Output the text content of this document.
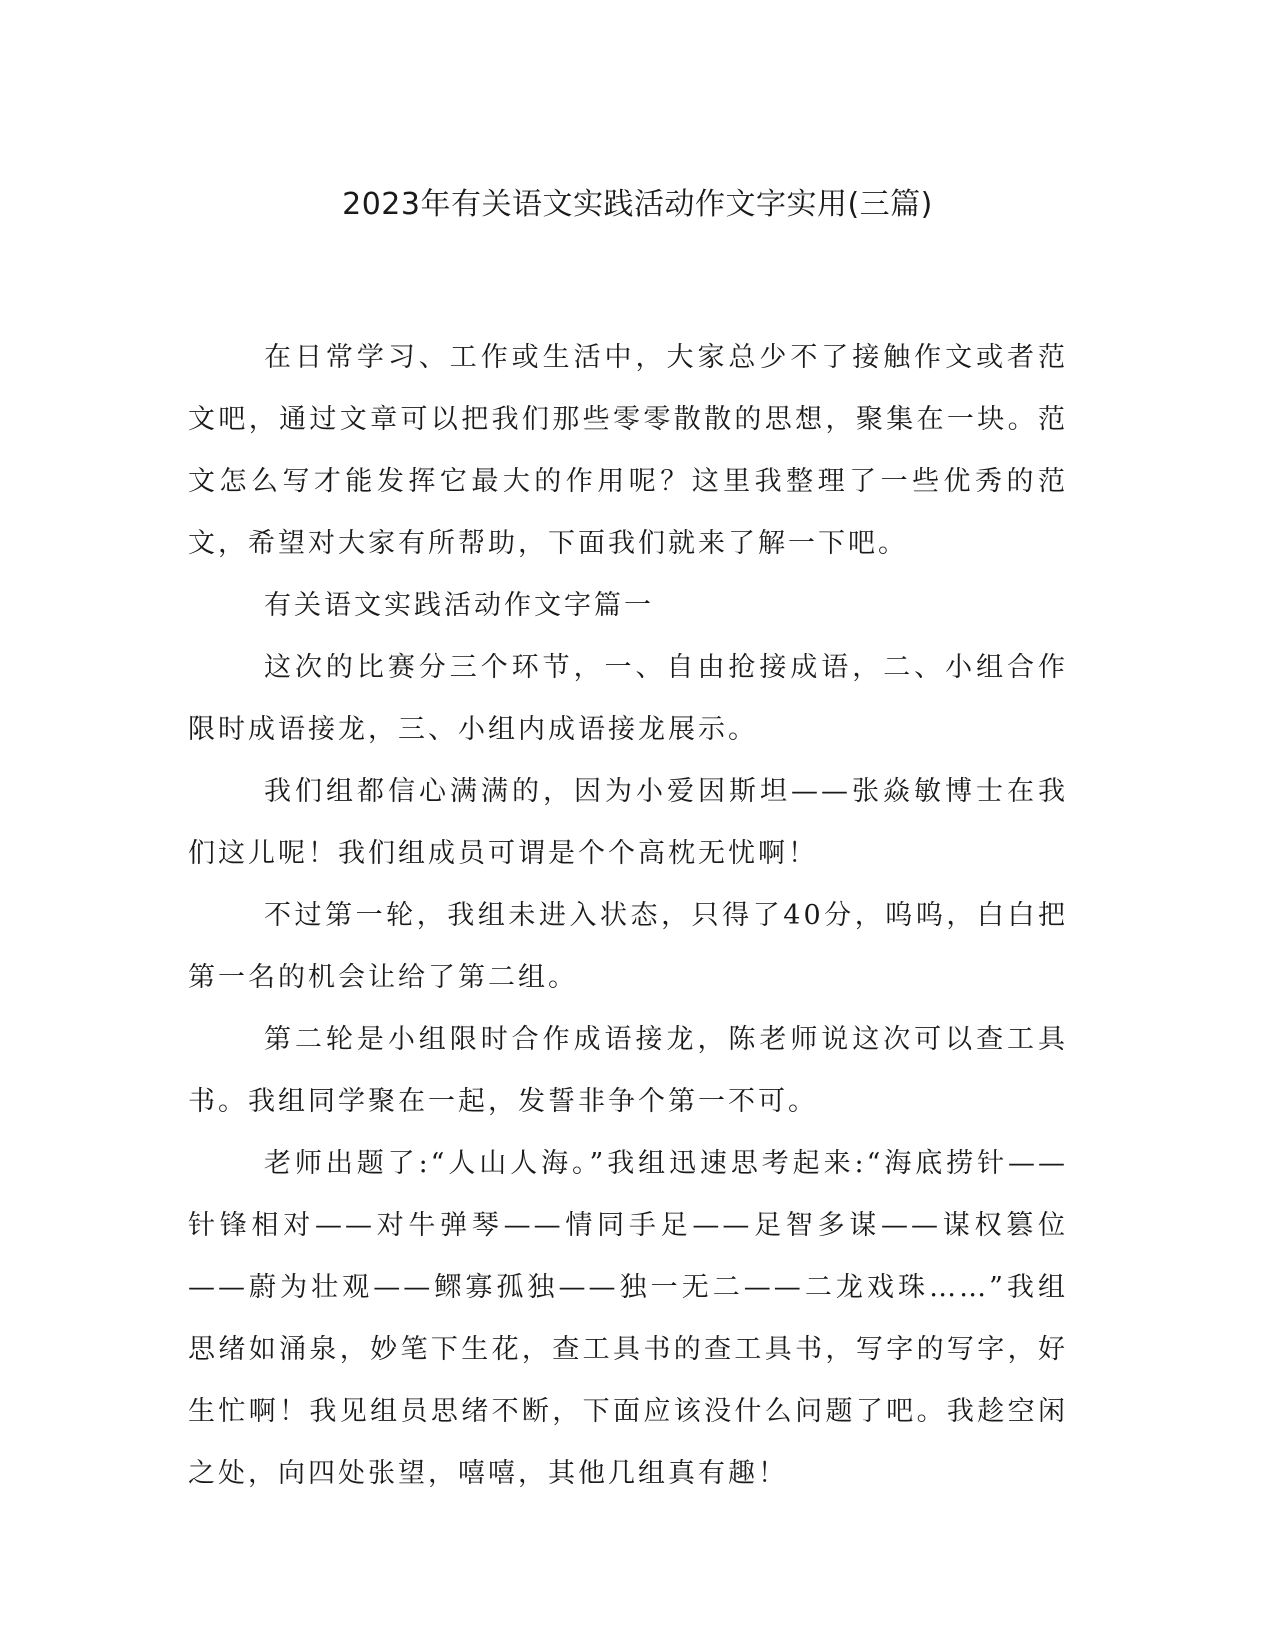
2023年有关语文实践活动作文字实用(三篇)

在日常学习、工作或生活中，大家总少不了接触作文或者范文吧，通过文章可以把我们那些零零散散的思想，聚集在一块。范文怎么写才能发挥它最大的作用呢？这里我整理了一些优秀的范文，希望对大家有所帮助，下面我们就来了解一下吧。

有关语文实践活动作文字篇一

这次的比赛分三个环节，一、自由抢接成语，二、小组合作限时成语接龙，三、小组内成语接龙展示。

我们组都信心满满的，因为小爱因斯坦——张焱敏博士在我们这儿呢！我们组成员可谓是个个高枕无忧啊！

不过第一轮，我组未进入状态，只得了40分，呜呜，白白把第一名的机会让给了第二组。

第二轮是小组限时合作成语接龙，陈老师说这次可以查工具书。我组同学聚在一起，发誓非争个第一不可。

老师出题了:“人山人海。”我组迅速思考起来:“海底捞针——针锋相对——对牛弹琴——情同手足——足智多谋——谋权篡位——蔚为壮观——鳏寡孤独——独一无二——二龙戏珠……”我组思绪如涌泉，妙笔下生花，查工具书的查工具书，写字的写字，好生忙啊！我见组员思绪不断，下面应该没什么问题了吧。我趁空闲之处，向四处张望，嘻嘻，其他几组真有趣！
